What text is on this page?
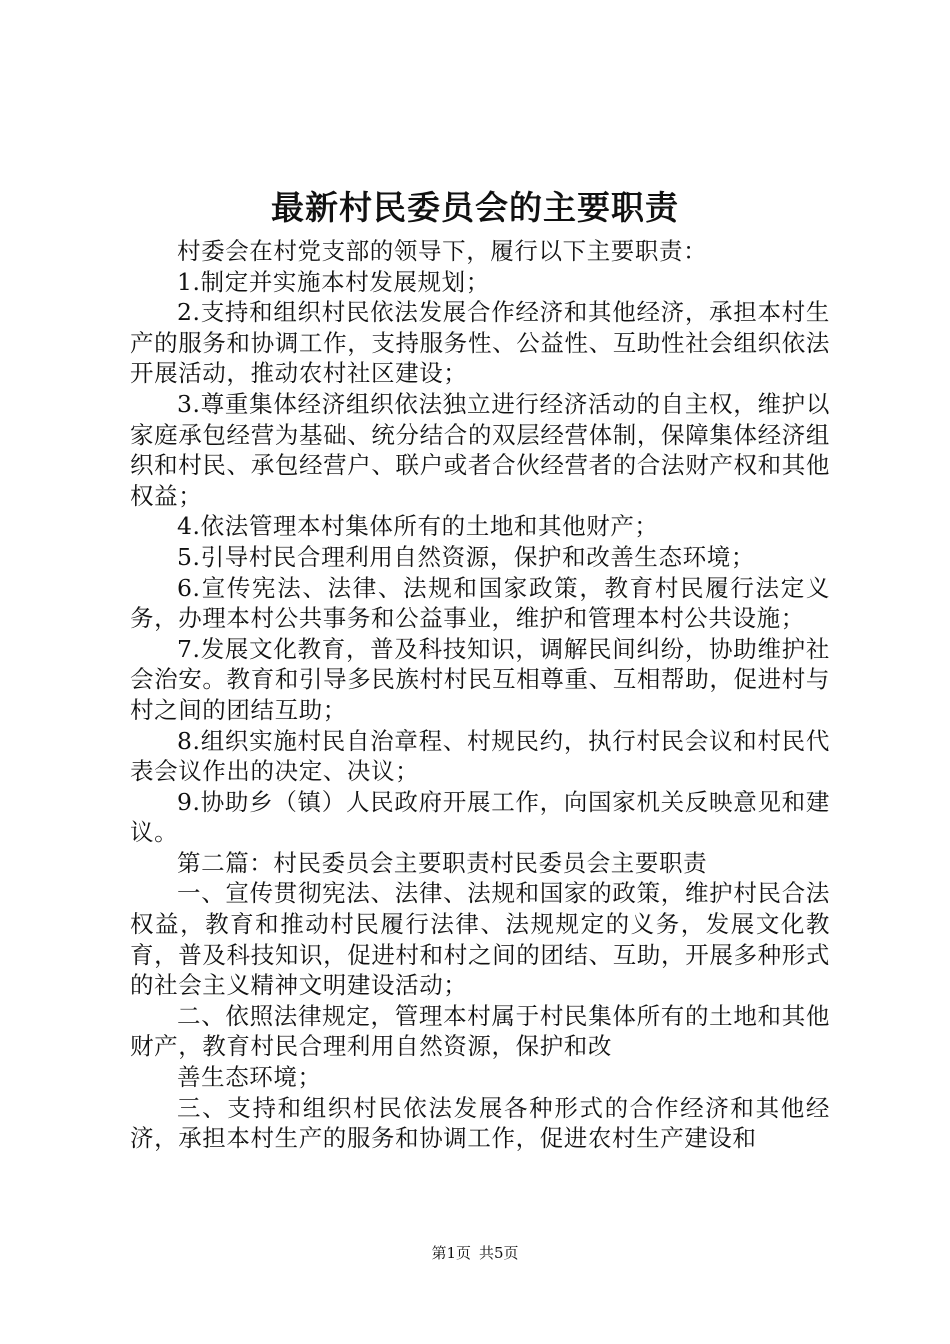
最新村民委员会的主要职责

村委会在村党支部的领导下，履行以下主要职责：

1.制定并实施本村发展规划；

2.支持和组织村民依法发展合作经济和其他经济，承担本村生产的服务和协调工作，支持服务性、公益性、互助性社会组织依法开展活动，推动农村社区建设；

3.尊重集体经济组织依法独立进行经济活动的自主权，维护以家庭承包经营为基础、统分结合的双层经营体制，保障集体经济组织和村民、承包经营户、联户或者合伙经营者的合法财产权和其他权益；

4.依法管理本村集体所有的土地和其他财产；

5.引导村民合理利用自然资源，保护和改善生态环境；

6.宣传宪法、法律、法规和国家政策，教育村民履行法定义务，办理本村公共事务和公益事业，维护和管理本村公共设施；

7.发展文化教育，普及科技知识，调解民间纠纷，协助维护社会治安。教育和引导多民族村村民互相尊重、互相帮助，促进村与村之间的团结互助；

8.组织实施村民自治章程、村规民约，执行村民会议和村民代表会议作出的决定、决议；

9.协助乡（镇）人民政府开展工作，向国家机关反映意见和建议。

第二篇：村民委员会主要职责村民委员会主要职责

一、宣传贯彻宪法、法律、法规和国家的政策，维护村民合法权益，教育和推动村民履行法律、法规规定的义务，发展文化教育，普及科技知识，促进村和村之间的团结、互助，开展多种形式的社会主义精神文明建设活动；

二、依照法律规定，管理本村属于村民集体所有的土地和其他财产，教育村民合理利用自然资源，保护和改

善生态环境；

三、支持和组织村民依法发展各种形式的合作经济和其他经济，承担本村生产的服务和协调工作，促进农村生产建设和

第1页 共5页
